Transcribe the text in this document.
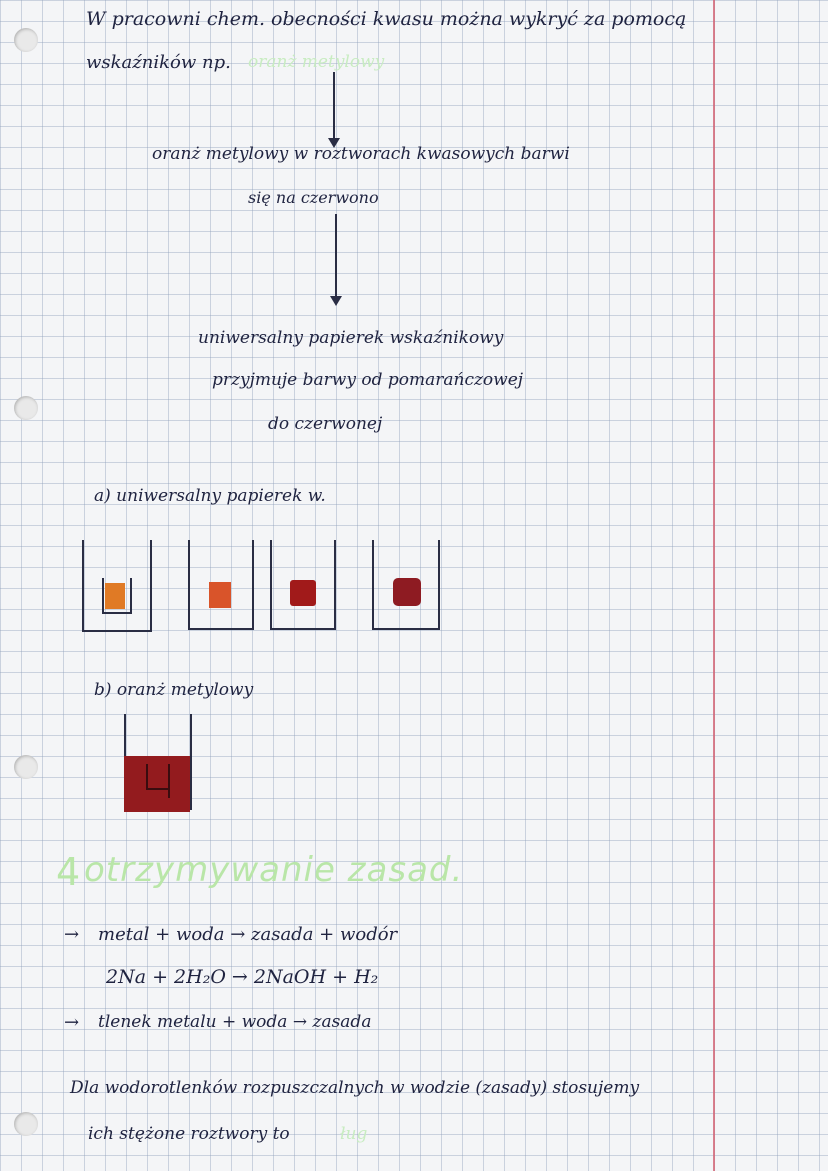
W pracowni chem. obecności kwasu można wykryć za pomocą
wskaźników np. oranż metylowy
oranż metylowy w roztworach kwasowych barwi
się na czerwono
uniwersalny papierek wskaźnikowy
przyjmuje barwy od pomarańczowej
do czerwonej
a) uniwersalny papierek w.
b) oranż metylowy
4 otrzymywanie zasad.
→ metal + woda → zasada + wodór
2Na + 2H₂O → 2NaOH + H₂
→ tlenek metalu + woda → zasada
Dla wodorotlenków rozpuszczalnych w wodzie (zasady) stosujemy
ich stężone roztwory to	ług
